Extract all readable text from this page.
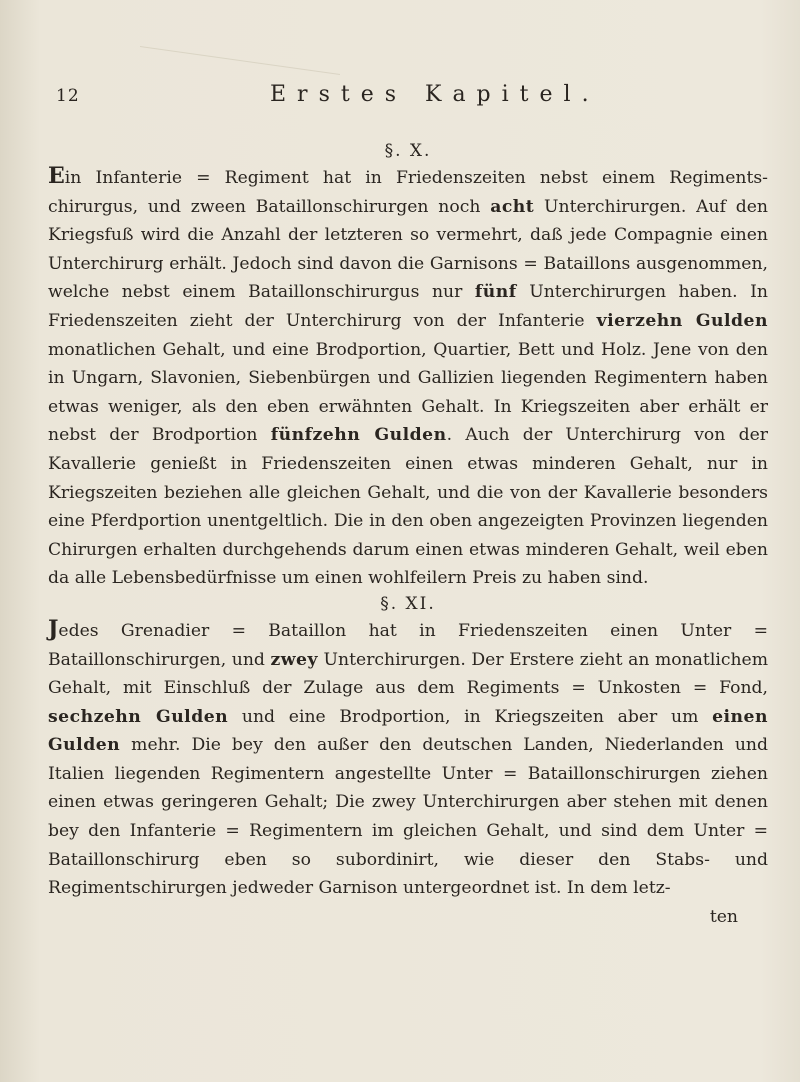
12	Erstes Kapitel.

§. X.

Ein Infanterie = Regiment hat in Friedenszeiten nebst einem Regiments-chirurgus, und zween Bataillonschirurgen noch acht Unterchirurgen. Auf den Kriegsfuß wird die Anzahl der letzteren so vermehrt, daß jede Compagnie einen Unterchirurg erhält. Jedoch sind davon die Garnisons = Bataillons ausgenommen, welche nebst einem Bataillonschirurgus nur fünf Unterchirurgen haben. In Friedenszeiten zieht der Unterchirurg von der Infanterie vierzehn Gulden monatlichen Gehalt, und eine Brodportion, Quartier, Bett und Holz. Jene von den in Ungarn, Slavonien, Siebenbürgen und Gallizien liegenden Regimentern haben etwas weniger, als den eben erwähnten Gehalt. In Kriegszeiten aber erhält er nebst der Brodportion fünfzehn Gulden. Auch der Unterchirurg von der Kavallerie genießt in Friedenszeiten einen etwas minderen Gehalt, nur in Kriegszeiten beziehen alle gleichen Gehalt, und die von der Kavallerie besonders eine Pferdportion unentgeltlich. Die in den oben angezeigten Provinzen liegenden Chirurgen erhalten durchgehends darum einen etwas minderen Gehalt, weil eben da alle Lebensbedürfnisse um einen wohlfeilern Preis zu haben sind.

§. XI.

Jedes Grenadier = Bataillon hat in Friedenszeiten einen Unter = Bataillonschirurgen, und zwey Unterchirurgen. Der Erstere zieht an monatlichem Gehalt, mit Einschluß der Zulage aus dem Regiments = Unkosten = Fond, sechzehn Gulden und eine Brodportion, in Kriegszeiten aber um einen Gulden mehr. Die bey den außer den deutschen Landen, Niederlanden und Italien liegenden Regimentern angestellte Unter = Bataillonschirurgen ziehen einen etwas geringeren Gehalt; Die zwey Unterchirurgen aber stehen mit denen bey den Infanterie = Regimentern im gleichen Gehalt, und sind dem Unter = Bataillonschirurg eben so subordinirt, wie dieser den Stabs- und Regimentschirurgen jedweder Garnison untergeordnet ist. In dem letz-

ten
